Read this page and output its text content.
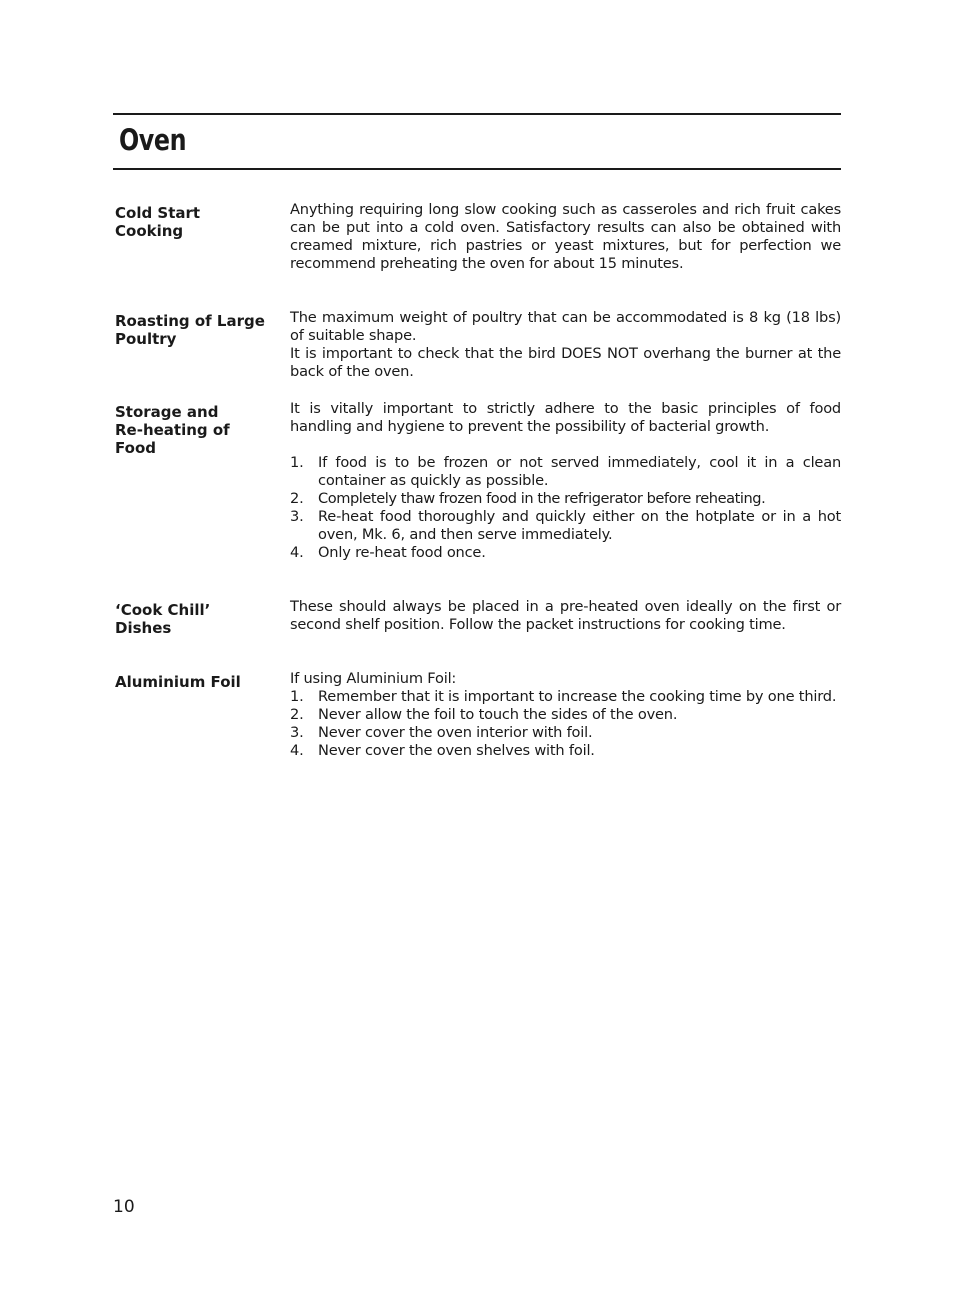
Oven
Cold Start
Cooking

Anything requiring long slow cooking such as casseroles and rich fruit cakes can be put into a cold oven. Satisfactory results can also be obtained with creamed mixture, rich pastries or yeast mixtures, but for perfection we recommend preheating the oven for about 15 minutes.

Roasting of Large
Poultry

The maximum weight of poultry that can be accommodated is 8 kg (18 lbs) of suitable shape.

It is important to check that the bird DOES NOT overhang the burner at the back of the oven.

Storage and
Re-heating of
Food

It is vitally important to strictly adhere to the basic principles of food   handling and hygiene to prevent the possibility of bacterial growth.

1. If food is to be frozen or not served immediately, cool it in a clean container as quickly as possible.
2. Completely thaw frozen food in the refrigerator before reheating.
3. Re-heat food thoroughly and quickly either on the hotplate or in a hot oven, Mk. 6, and then serve immediately.
4. Only re-heat food once.
‘Cook Chill’
Dishes

These should always be placed in a pre-heated oven ideally on the first or second shelf position. Follow the packet instructions for cooking time.

Aluminium Foil	If using Aluminium Foil:

1. Remember that it is important to increase the cooking time by one third.
2. Never allow the foil to touch the sides of the oven.
3. Never cover the oven interior with foil.
4. Never cover the oven shelves with foil.
10
